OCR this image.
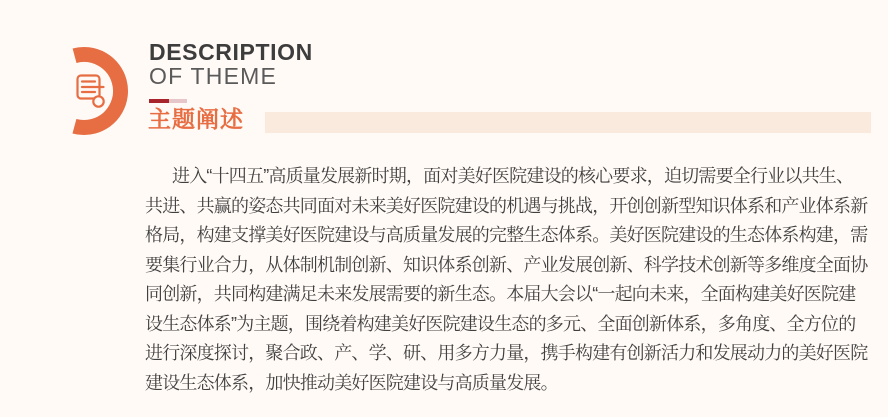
DESCRIPTION
OF THEME
主题阐述
进入“十四五”高质量发展新时期，面对美好医院建设的核心要求，迫切需要全行业以共生、
共进、共赢的姿态共同面对未来美好医院建设的机遇与挑战，开创创新型知识体系和产业体系新
格局，构建支撑美好医院建设与高质量发展的完整生态体系。美好医院建设的生态体系构建，需
要集行业合力，从体制机制创新、知识体系创新、产业发展创新、科学技术创新等多维度全面协
同创新，共同构建满足未来发展需要的新生态。本届大会以“一起向未来，全面构建美好医院建
设生态体系”为主题，围绕着构建美好医院建设生态的多元、全面创新体系，多角度、全方位的
进行深度探讨，聚合政、产、学、研、用多方力量，携手构建有创新活力和发展动力的美好医院
建设生态体系，加快推动美好医院建设与高质量发展。
